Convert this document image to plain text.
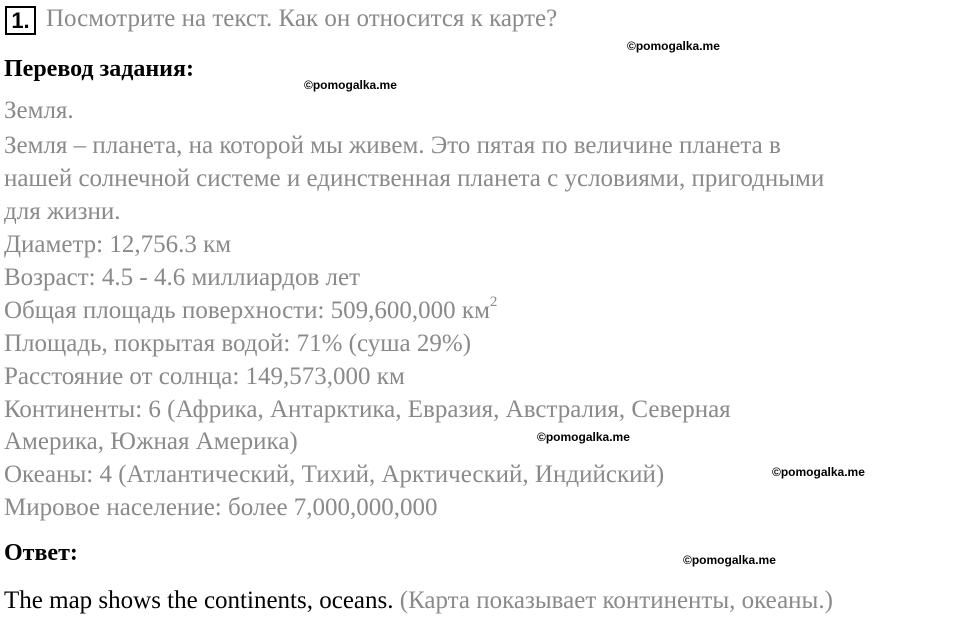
1. Посмотрите на текст. Как он относится к карте?
©pomogalka.me
Перевод задания:
©pomogalka.me
Земля.
Земля – планета, на которой мы живем. Это пятая по величине планета в
нашей солнечной системе и единственная планета с условиями, пригодными
для жизни.
Диаметр: 12,756.3 км
Возраст: 4.5 - 4.6 миллиардов лет
Общая площадь поверхности: 509,600,000 $км^2$
Площадь, покрытая водой: 71% (суша 29%)
Расстояние от солнца: 149,573,000 км
Континенты: 6 (Африка, Антарктика, Евразия, Австралия, Северная
Америка, Южная Америка)	©pomogalka.me
Океаны: 4 (Атлантический, Тихий, Арктический, Индийский)	©pomogalka.me
Мировое население: более 7,000,000,000
Ответ:	©pomogalka.me
The map shows the continents, oceans. (Карта показывает континенты, океаны.)
